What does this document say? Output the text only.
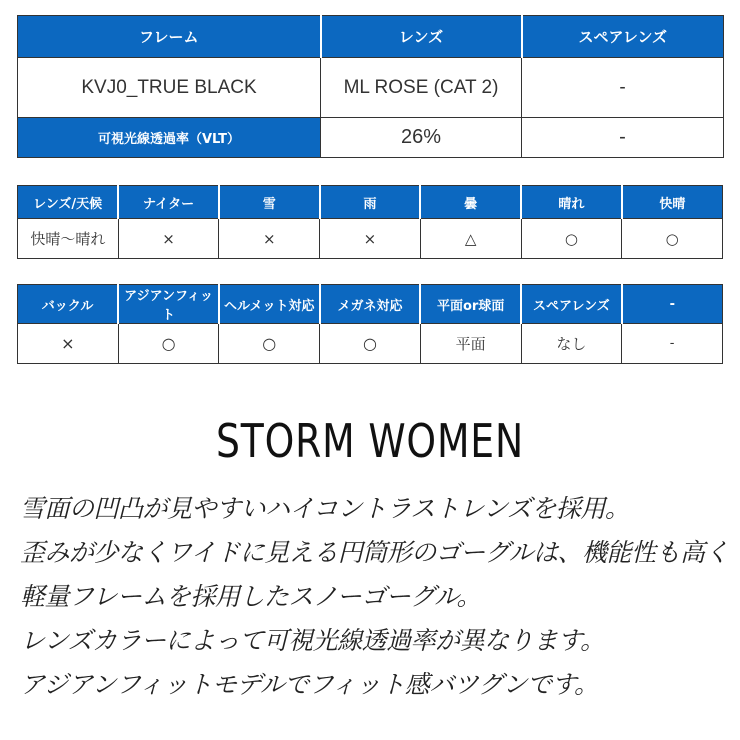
フレーム	レンズ	スペアレンズ
KVJ0_TRUE BLACK	ML ROSE (CAT 2)	-
可視光線透過率（VLT）	26%	-
レンズ/天候	ナイター	雪	雨	曇	晴れ	快晴
快晴～晴れ	×	×	×	△	○	○
バックル	アジアンフィット	ヘルメット対応	メガネ対応	平面or球面	スペアレンズ	-
×	○	○	○	平面	なし	-
STORM WOMEN
雪面の凹凸が見やすいハイコントラストレンズを採用。
歪みが少なくワイドに見える円筒形のゴーグルは、機能性も高く
軽量フレームを採用したスノーゴーグル。
レンズカラーによって可視光線透過率が異なります。
アジアンフィットモデルでフィット感バツグンです。
